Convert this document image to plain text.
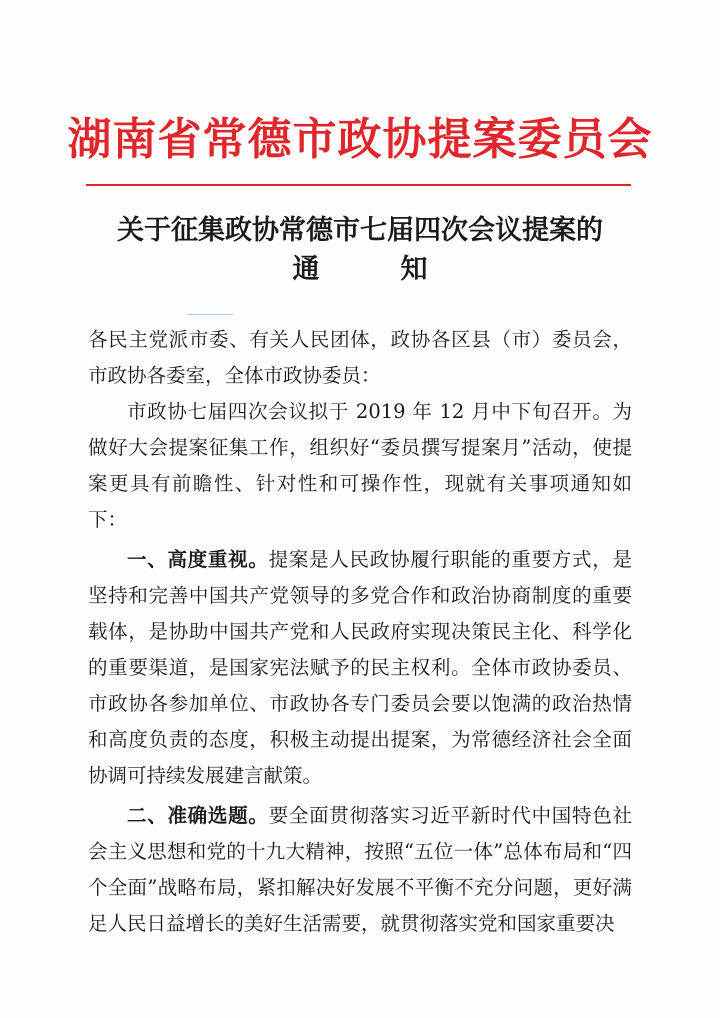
湖南省常德市政协提案委员会
关于征集政协常德市七届四次会议提案的
通　　　知

各民主党派市委、有关人民团体，政协各区县（市）委员会，市政协各委室，全体市政协委员：

市政协七届四次会议拟于 2019 年 12 月中下旬召开。为做好大会提案征集工作，组织好“委员撰写提案月”活动，使提案更具有前瞻性、针对性和可操作性，现就有关事项通知如下：

一、高度重视。提案是人民政协履行职能的重要方式，是坚持和完善中国共产党领导的多党合作和政治协商制度的重要载体，是协助中国共产党和人民政府实现决策民主化、科学化的重要渠道，是国家宪法赋予的民主权利。全体市政协委员、市政协各参加单位、市政协各专门委员会要以饱满的政治热情和高度负责的态度，积极主动提出提案，为常德经济社会全面协调可持续发展建言献策。

二、准确选题。要全面贯彻落实习近平新时代中国特色社会主义思想和党的十九大精神，按照“五位一体”总体布局和“四个全面”战略布局，紧扣解决好发展不平衡不充分问题，更好满足人民日益增长的美好生活需要，就贯彻落实党和国家重要决
